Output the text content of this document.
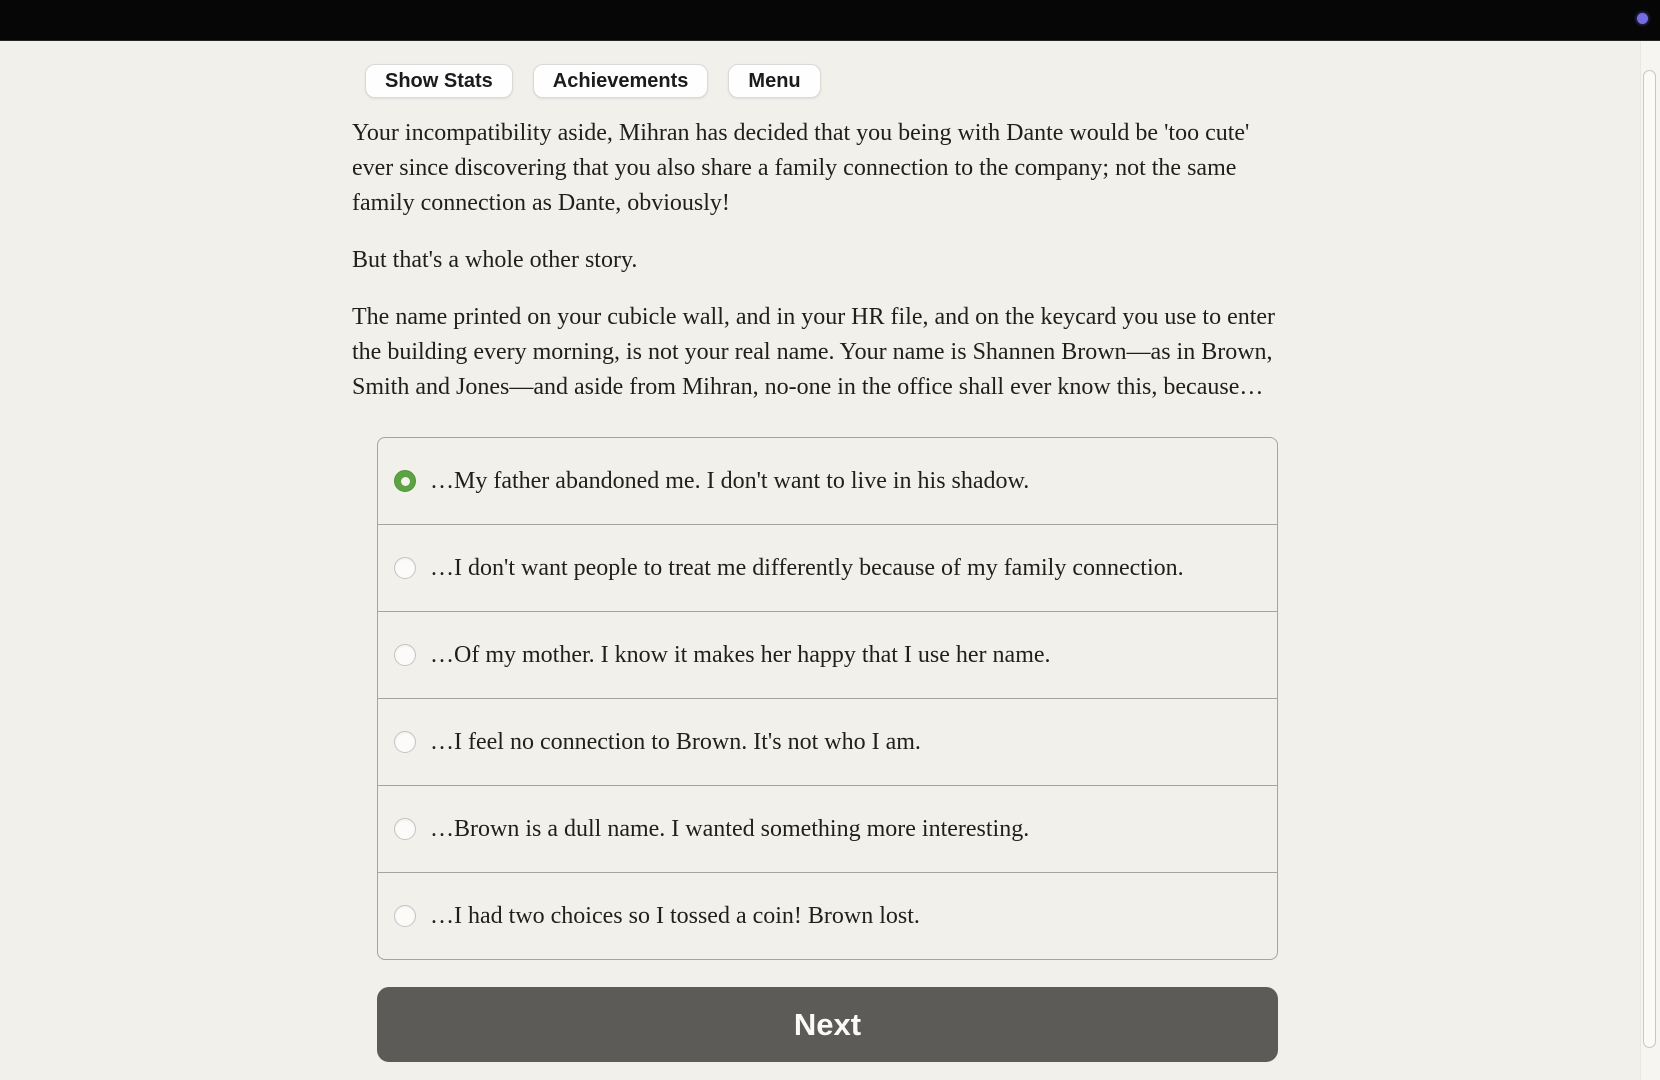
Show Stats	Achievements	Menu

Your incompatibility aside, Mihran has decided that you being with Dante would be 'too cute' ever since discovering that you also share a family connection to the company; not the same family connection as Dante, obviously!

But that's a whole other story.

The name printed on your cubicle wall, and in your HR file, and on the keycard you use to enter the building every morning, is not your real name. Your name is Shannen Brown—as in Brown, Smith and Jones—and aside from Mihran, no-one in the office shall ever know this, because…

…My father abandoned me. I don't want to live in his shadow.
…I don't want people to treat me differently because of my family connection.
…Of my mother. I know it makes her happy that I use her name.
…I feel no connection to Brown. It's not who I am.
…Brown is a dull name. I wanted something more interesting.
…I had two choices so I tossed a coin! Brown lost.
Next
